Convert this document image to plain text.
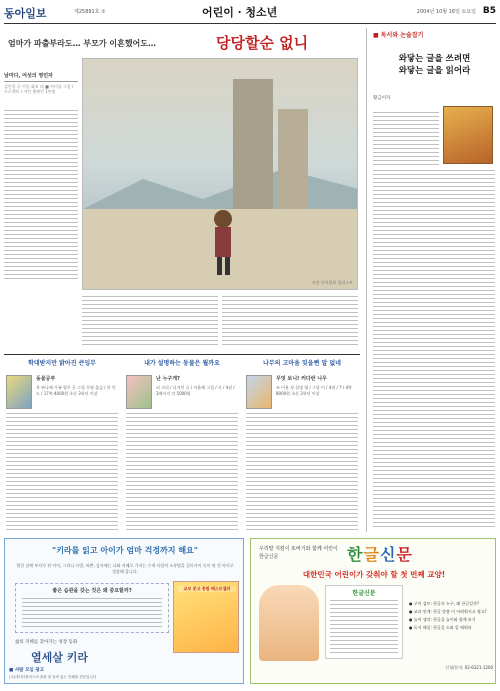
동아일보	제25891호 ①	어린이 · 청소년	2004년 10월 16일 토요일 B5
엄마가 파출부라도… 부모가 이혼했어도…	당당할순 없니
날마다, 여섯의 영민자
김인종 글 이동 화보 외 ■ 아이를 그림 / 프로젝트 / 이민 출판인 1만원
사진 동아일보 일러스트
■ 독서와 논술잡기
와닿는 글을 쓰려면
와닿는 글을 읽어라
황금이자
학대받지만 밝아진 큰잉무
동물공부
옥 판나에 가족 영주 글·그림 무명 옮김 / 마 인드 / 17쪽·4000원 초등 3학년 이상
내가 설명하는 동물은 뭘까요
난 누구게?
피 크리 / 디자인 글 / 이윤해 그림 / 사 / 4권 / 3페이지 각 5000원
나무의 고마움 잊을뻔 알 없네
무엇 보니! 커다란 나무
조 이용 정 설명 영 / 그림 이 / 4권 / 7 / 4쪽 8000원 초등 2학년 이상
"키라를 읽고 아이가 엄마 걱정까지 해요"
열한 살에 부자가 된 아이, 그리나 사람, 바쁜, 감사에는 나와 지혜로 가지는 수개 사람의 소통법을 길러가이 숙이 된 것 아이로 성장해 갑니다.
좋은 습관을 갖는 것은 왜 중요할까?	교보 문고 종합 베스트셀러
삶의 지혜를 찾아가는 성장 동화
열세살 키라
■ 사람 모임 광고
(주)에디더플러스의 출판 잘 알려 있는 인쇄물 전문입니다
우리말 지킴이 또바기와 함께 어린이 한글신문	한글신문
대한민국 어린이가 갖춰야 할 첫 번째 교양!
한글신문
● 구어 검토: 한글의 누구, 왜 한글일까?
● 교과 연계: 한글 맞춤 이 어려워지고 쉽고?
● 놀이 생각: 한글을 놀이와 함께 보기
● 독서 해설: 한글을 도와 알 배워라
신청/문의: 02-6321-1200
